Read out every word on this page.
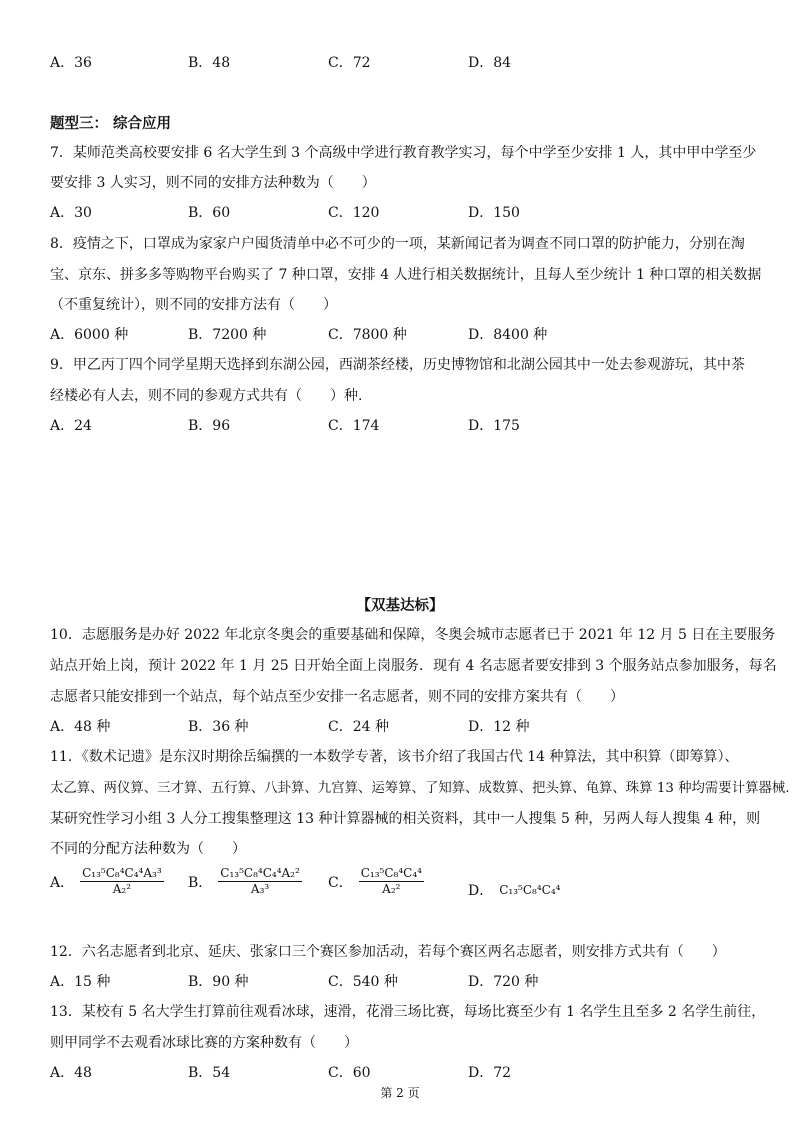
A．36	B．48	C．72	D．84
题型三： 综合应用
7．某师范类高校要安排 6 名大学生到 3 个高级中学进行教育教学实习，每个中学至少安排 1 人，其中甲中学至少
要安排 3 人实习，则不同的安排方法种数为（　　）
A．30	B．60	C．120	D．150
8．疫情之下，口罩成为家家户户囤货清单中必不可少的一项，某新闻记者为调查不同口罩的防护能力，分别在淘
宝、京东、拼多多等购物平台购买了 7 种口罩，安排 4 人进行相关数据统计，且每人至少统计 1 种口罩的相关数据
（不重复统计），则不同的安排方法有（　　）
A．6000 种	B．7200 种	C．7800 种	D．8400 种
9．甲乙丙丁四个同学星期天选择到东湖公园，西湖茶经楼，历史博物馆和北湖公园其中一处去参观游玩，其中茶
经楼必有人去，则不同的参观方式共有（　　）种.
A．24	B．96	C．174	D．175
【双基达标】
10．志愿服务是办好 2022 年北京冬奥会的重要基础和保障，冬奥会城市志愿者已于 2021 年 12 月 5 日在主要服务
站点开始上岗，预计 2022 年 1 月 25 日开始全面上岗服务．现有 4 名志愿者要安排到 3 个服务站点参加服务，每名
志愿者只能安排到一个站点，每个站点至少安排一名志愿者，则不同的安排方案共有（　　）
A．48 种	B．36 种	C．24 种	D．12 种
11．《数术记遗》是东汉时期徐岳编撰的一本数学专著，该书介绍了我国古代 14 种算法，其中积算（即筹算）、
太乙算、两仪算、三才算、五行算、八卦算、九宫算、运筹算、了知算、成数算、把头算、龟算、珠算 13 种均需要计算器械.
某研究性学习小组 3 人分工搜集整理这 13 种计算器械的相关资料，其中一人搜集 5 种，另两人每人搜集 4 种，则
不同的分配方法种数为（　　）
A． $\frac{\text{C₁₃⁵C₈⁴C₄⁴A₃³}}{\text{A₂²}}$ B． $\frac{\text{C₁₃⁵C₈⁴C₄⁴A₂²}}{\text{A₃³}}$ C． $\frac{\text{C₁₃⁵C₈⁴C₄⁴}}{\text{A₂²}}$	D． C₁₃⁵C₈⁴C₄⁴
12．六名志愿者到北京、延庆、张家口三个赛区参加活动，若每个赛区两名志愿者，则安排方式共有（　　）
A．15 种	B．90 种	C．540 种	D．720 种
13．某校有 5 名大学生打算前往观看冰球，速滑，花滑三场比赛，每场比赛至少有 1 名学生且至多 2 名学生前往，
则甲同学不去观看冰球比赛的方案种数有（　　）
A．48	B．54	C．60	D．72
第 2 页
